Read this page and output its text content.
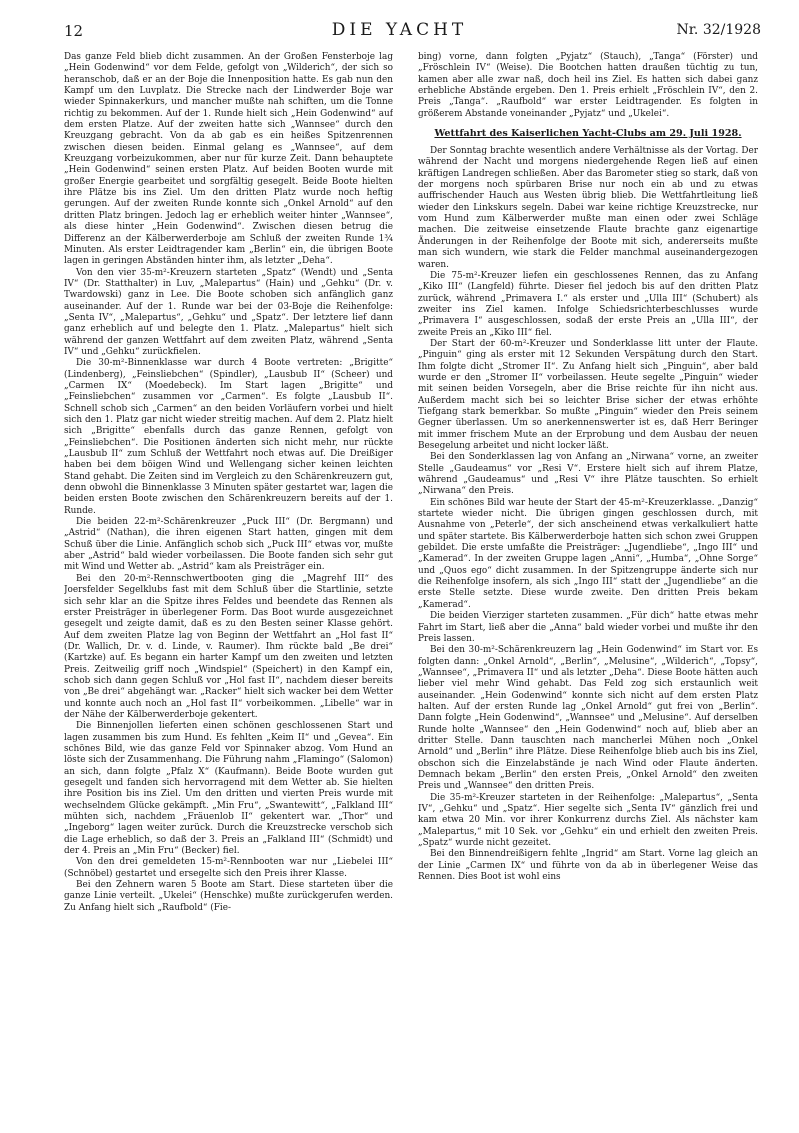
12	DIE YACHT	Nr. 32/1928

Das ganze Feld blieb dicht zusammen. An der Großen Fensterboje lag „Hein Godenwind“ vor dem Felde, gefolgt von „Wilderich“, der sich so heranschob, daß er an der Boje die Innenposition hatte. Es gab nun den Kampf um den Luvplatz. Die Strecke nach der Lindwerder Boje war wieder Spinnakerkurs, und mancher mußte nah schiften, um die Tonne richtig zu bekommen. Auf der 1. Runde hielt sich „Hein Godenwind“ auf dem ersten Platze. Auf der zweiten hatte sich „Wannsee“ durch den Kreuzgang gebracht. Von da ab gab es ein heißes Spitzenrennen zwischen diesen beiden. Einmal gelang es „Wannsee“, auf dem Kreuzgang vorbeizukommen, aber nur für kurze Zeit. Dann behauptete „Hein Godenwind“ seinen ersten Platz. Auf beiden Booten wurde mit großer Energie gearbeitet und sorgfältig gesegelt. Beide Boote hielten ihre Plätze bis ins Ziel. Um den dritten Platz wurde noch heftig gerungen. Auf der zweiten Runde konnte sich „Onkel Arnold“ auf den dritten Platz bringen. Jedoch lag er erheblich weiter hinter „Wannsee“, als diese hinter „Hein Godenwind“. Zwischen diesen betrug die Differenz an der Kälberwerderboje am Schluß der zweiten Runde 1¾ Minuten. Als erster Leidtragender kam „Berlin“ ein, die übrigen Boote lagen in geringen Abständen hinter ihm, als letzter „Deha“.

Von den vier 35-m²-Kreuzern starteten „Spatz“ (Wendt) und „Senta IV“ (Dr. Statthalter) in Luv, „Malepartus“ (Hain) und „Gehku“ (Dr. v. Twardowski) ganz in Lee. Die Boote schoben sich anfänglich ganz auseinander. Auf der 1. Runde war bei der 03-Boje die Reihenfolge: „Senta IV“, „Malepartus“, „Gehku“ und „Spatz“. Der letztere lief dann ganz erheblich auf und belegte den 1. Platz. „Malepartus“ hielt sich während der ganzen Wettfahrt auf dem zweiten Platz, während „Senta IV“ und „Gehku“ zurückfielen.

Die 30-m²-Binnenklasse war durch 4 Boote vertreten: „Brigitte“ (Lindenberg), „Feinsliebchen“ (Spindler), „Lausbub II“ (Scheer) und „Carmen IX“ (Moedebeck). Im Start lagen „Brigitte“ und „Feinsliebchen“ zusammen vor „Carmen“. Es folgte „Lausbub II“. Schnell schob sich „Carmen“ an den beiden Vorläufern vorbei und hielt sich den 1. Platz gar nicht wieder streitig machen. Auf dem 2. Platz hielt sich „Brigitte“ ebenfalls durch das ganze Rennen, gefolgt von „Feinsliebchen“. Die Positionen änderten sich nicht mehr, nur rückte „Lausbub II“ zum Schluß der Wettfahrt noch etwas auf. Die Dreißiger haben bei dem böigen Wind und Wellengang sicher keinen leichten Stand gehabt. Die Zeiten sind im Vergleich zu den Schärenkreuzern gut, denn obwohl die Binnenklasse 3 Minuten später gestartet war, lagen die beiden ersten Boote zwischen den Schärenkreuzern bereits auf der 1. Runde.

Die beiden 22-m²-Schärenkreuzer „Puck III“ (Dr. Bergmann) und „Astrid“ (Nathan), die ihren eigenen Start hatten, gingen mit dem Schuß über die Linie. Anfänglich schob sich „Puck III“ etwas vor, mußte aber „Astrid“ bald wieder vorbeilassen. Die Boote fanden sich sehr gut mit Wind und Wetter ab. „Astrid“ kam als Preisträger ein.

Bei den 20-m²-Rennschwertbooten ging die „Magrehf III“ des Joersfelder Segelklubs fast mit dem Schluß über die Startlinie, setzte sich sehr klar an die Spitze ihres Feldes und beendete das Rennen als erster Preisträger in überlegener Form. Das Boot wurde ausgezeichnet gesegelt und zeigte damit, daß es zu den Besten seiner Klasse gehört. Auf dem zweiten Platze lag von Beginn der Wettfahrt an „Hol fast II“ (Dr. Wallich, Dr. v. d. Linde, v. Raumer). Ihm rückte bald „Be drei“ (Kartzke) auf. Es begann ein harter Kampf um den zweiten und letzten Preis. Zeitweilig griff noch „Windspiel“ (Speichert) in den Kampf ein, schob sich dann gegen Schluß vor „Hol fast II“, nachdem dieser bereits von „Be drei“ abgehängt war. „Racker“ hielt sich wacker bei dem Wetter und konnte auch noch an „Hol fast II“ vorbeikommen. „Libelle“ war in der Nähe der Kälberwerderboje gekentert.

Die Binnenjollen lieferten einen schönen geschlossenen Start und lagen zusammen bis zum Hund. Es fehlten „Keim II“ und „Gevea“. Ein schönes Bild, wie das ganze Feld vor Spinnaker abzog. Vom Hund an löste sich der Zusammenhang. Die Führung nahm „Flamingo“ (Salomon) an sich, dann folgte „Pfalz X“ (Kaufmann). Beide Boote wurden gut gesegelt und fanden sich hervorragend mit dem Wetter ab. Sie hielten ihre Position bis ins Ziel. Um den dritten und vierten Preis wurde mit wechselndem Glücke gekämpft. „Min Fru“, „Swantewitt“, „Falkland III“ mühten sich, nachdem „Fräuenlob II“ gekentert war. „Thor“ und „Ingeborg“ lagen weiter zurück. Durch die Kreuzstrecke verschob sich die Lage erheblich, so daß der 3. Preis an „Falkland III“ (Schmidt) und der 4. Preis an „Min Fru“ (Becker) fiel.

Von den drei gemeldeten 15-m²-Rennbooten war nur „Liebelei III“ (Schnöbel) gestartet und ersegelte sich den Preis ihrer Klasse.

Bei den Zehnern waren 5 Boote am Start. Diese starteten über die ganze Linie verteilt. „Ukelei“ (Henschke) mußte zurückgerufen werden. Zu Anfang hielt sich „Raufbold“ (Fie-

bing) vorne, dann folgten „Pyjatz“ (Stauch), „Tanga“ (Förster) und „Fröschlein IV“ (Weise). Die Bootchen hatten draußen tüchtig zu tun, kamen aber alle zwar naß, doch heil ins Ziel. Es hatten sich dabei ganz erhebliche Abstände ergeben. Den 1. Preis erhielt „Fröschlein IV“, den 2. Preis „Tanga“. „Raufbold“ war erster Leidtragender. Es folgten in größerem Abstande voneinander „Pyjatz“ und „Ukelei“.

Wettfahrt des Kaiserlichen Yacht-Clubs am 29. Juli 1928.

Der Sonntag brachte wesentlich andere Verhältnisse als der Vortag. Der während der Nacht und morgens niedergehende Regen ließ auf einen kräftigen Landregen schließen. Aber das Barometer stieg so stark, daß von der morgens noch spürbaren Brise nur noch ein ab und zu etwas auffrischender Hauch aus Westen übrig blieb. Die Wettfahrtleitung ließ wieder den Linkskurs segeln. Dabei war keine richtige Kreuzstrecke, nur vom Hund zum Kälberwerder mußte man einen oder zwei Schläge machen. Die zeitweise einsetzende Flaute brachte ganz eigenartige Änderungen in der Reihenfolge der Boote mit sich, andererseits mußte man sich wundern, wie stark die Felder manchmal auseinandergezogen waren.

Die 75-m²-Kreuzer liefen ein geschlossenes Rennen, das zu Anfang „Kiko III“ (Langfeld) führte. Dieser fiel jedoch bis auf den dritten Platz zurück, während „Primavera I.“ als erster und „Ulla III“ (Schubert) als zweiter ins Ziel kamen. Infolge Schiedsrichterbeschlusses wurde „Primavera I“ ausgeschlossen, sodaß der erste Preis an „Ulla III“, der zweite Preis an „Kiko III“ fiel.

Der Start der 60-m²-Kreuzer und Sonderklasse litt unter der Flaute. „Pinguin“ ging als erster mit 12 Sekunden Verspätung durch den Start. Ihm folgte dicht „Stromer II“. Zu Anfang hielt sich „Pinguin“, aber bald wurde er den „Stromer II“ vorbeilassen. Heute segelte „Pinguin“ wieder mit seinen beiden Vorsegeln, aber die Brise reichte für ihn nicht aus. Außerdem macht sich bei so leichter Brise sicher der etwas erhöhte Tiefgang stark bemerkbar. So mußte „Pinguin“ wieder den Preis seinem Gegner überlassen. Um so anerkennenswerter ist es, daß Herr Beringer mit immer frischem Mute an der Erprobung und dem Ausbau der neuen Besegelung arbeitet und nicht locker läßt.

Bei den Sonderklassen lag von Anfang an „Nirwana“ vorne, an zweiter Stelle „Gaudeamus“ vor „Resi V“. Erstere hielt sich auf ihrem Platze, während „Gaudeamus“ und „Resi V“ ihre Plätze tauschten. So erhielt „Nirwana“ den Preis.

Ein schönes Bild war heute der Start der 45-m²-Kreuzerklasse. „Danzig“ startete wieder nicht. Die übrigen gingen geschlossen durch, mit Ausnahme von „Peterle“, der sich anscheinend etwas verkalkuliert hatte und später startete. Bis Kälberwerderboje hatten sich schon zwei Gruppen gebildet. Die erste umfaßte die Preisträger: „Jugendliebe“, „Ingo III“ und „Kamerad“. In der zweiten Gruppe lagen „Anni“, „Humba“, „Ohne Sorge“ und „Quos ego“ dicht zusammen. In der Spitzengruppe änderte sich nur die Reihenfolge insofern, als sich „Ingo III“ statt der „Jugendliebe“ an die erste Stelle setzte. Diese wurde zweite. Den dritten Preis bekam „Kamerad“.

Die beiden Vierziger starteten zusammen. „Für dich“ hatte etwas mehr Fahrt im Start, ließ aber die „Anna“ bald wieder vorbei und mußte ihr den Preis lassen.

Bei den 30-m²-Schärenkreuzern lag „Hein Godenwind“ im Start vor. Es folgten dann: „Onkel Arnold“, „Berlin“, „Melusine“, „Wilderich“, „Topsy“, „Wannsee“, „Primavera II“ und als letzter „Deha“. Diese Boote hätten auch lieber viel mehr Wind gehabt. Das Feld zog sich erstaunlich weit auseinander. „Hein Godenwind“ konnte sich nicht auf dem ersten Platz halten. Auf der ersten Runde lag „Onkel Arnold“ gut frei von „Berlin“. Dann folgte „Hein Godenwind“, „Wannsee“ und „Melusine“. Auf derselben Runde holte „Wannsee“ den „Hein Godenwind“ noch auf, blieb aber an dritter Stelle. Dann tauschten nach mancherlei Mühen noch „Onkel Arnold“ und „Berlin“ ihre Plätze. Diese Reihenfolge blieb auch bis ins Ziel, obschon sich die Einzelabstände je nach Wind oder Flaute änderten. Demnach bekam „Berlin“ den ersten Preis, „Onkel Arnold“ den zweiten Preis und „Wannsee“ den dritten Preis.

Die 35-m²-Kreuzer starteten in der Reihenfolge: „Malepartus“, „Senta IV“, „Gehku“ und „Spatz“. Hier segelte sich „Senta IV“ gänzlich frei und kam etwa 20 Min. vor ihrer Konkurrenz durchs Ziel. Als nächster kam „Malepartus,“ mit 10 Sek. vor „Gehku“ ein und erhielt den zweiten Preis. „Spatz“ wurde nicht gezeitet.

Bei den Binnendreißigern fehlte „Ingrid“ am Start. Vorne lag gleich an der Linie „Carmen IX“ und führte von da ab in überlegener Weise das Rennen. Dies Boot ist wohl eins
